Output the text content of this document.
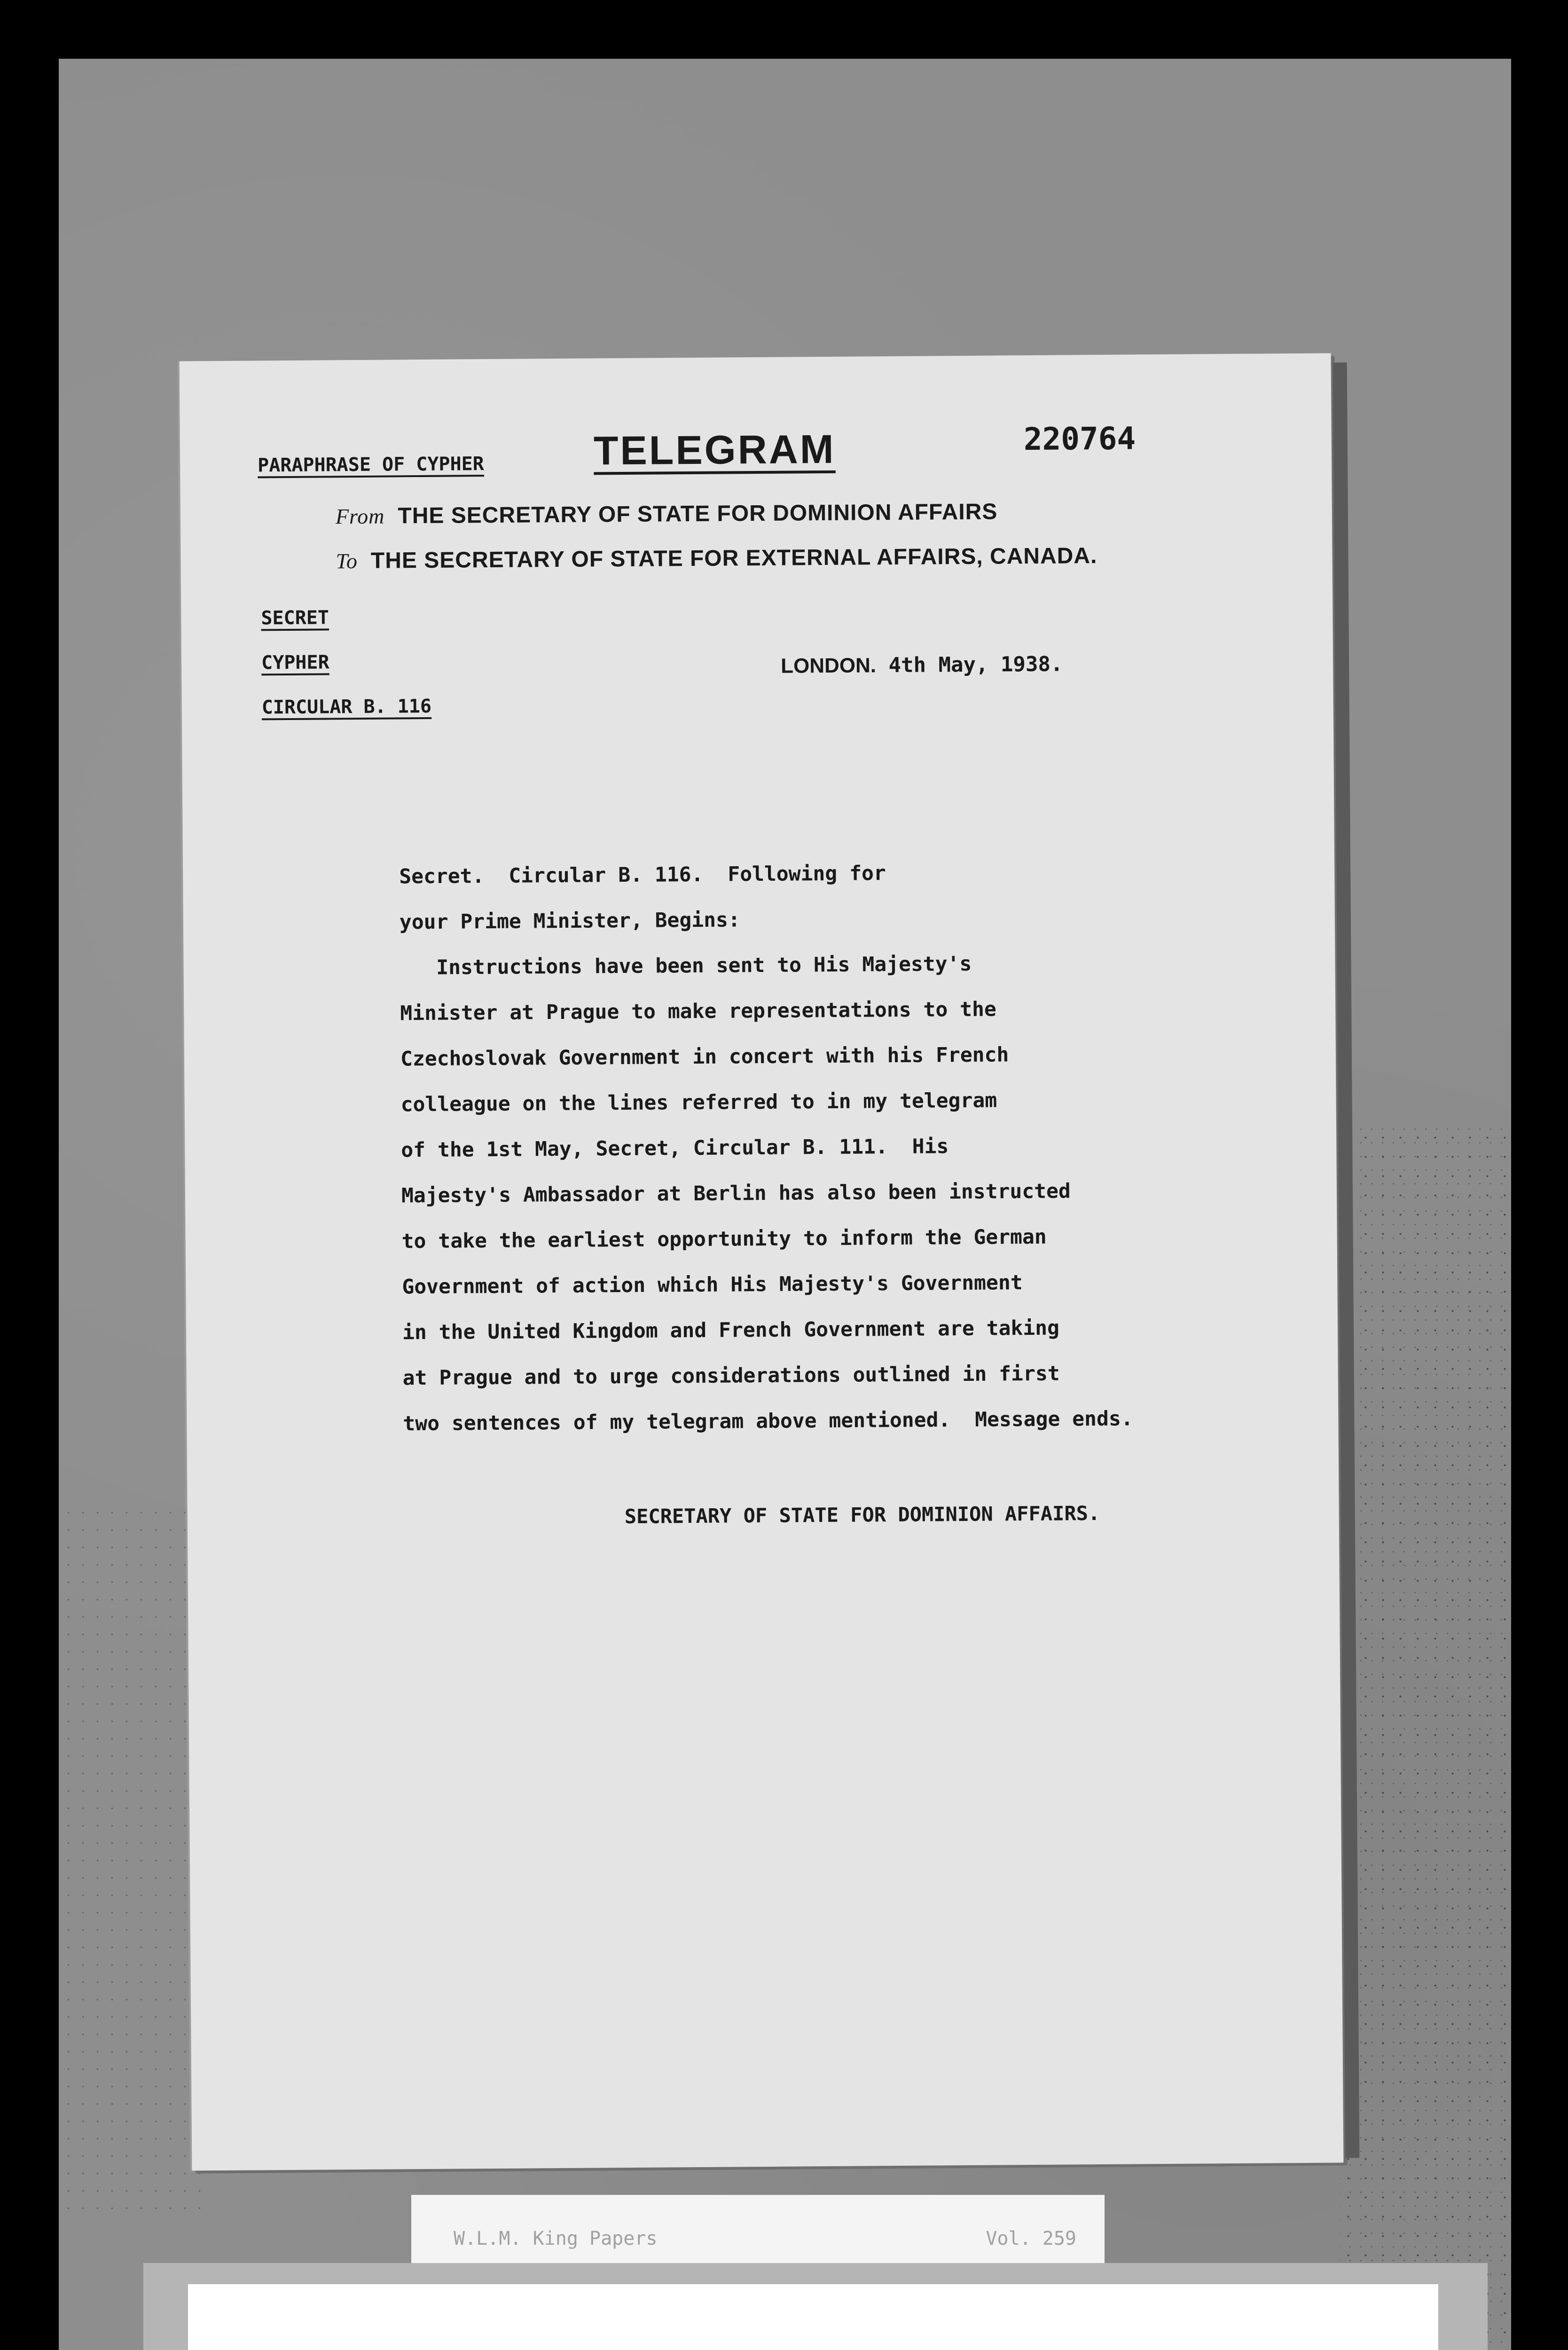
PARAPHRASE OF CYPHER	TELEGRAM	220764
From THE SECRETARY OF STATE FOR DOMINION AFFAIRS
To THE SECRETARY OF STATE FOR EXTERNAL AFFAIRS, CANADA.
SECRET
CYPHER
CIRCULAR B. 116
LONDON. 4th May, 1938.
Secret.  Circular B. 116.  Following for
your Prime Minister, Begins:
Instructions have been sent to His Majesty's
Minister at Prague to make representations to the
Czechoslovak Government in concert with his French
colleague on the lines referred to in my telegram
of the 1st May, Secret, Circular B. 111.  His
Majesty's Ambassador at Berlin has also been instructed
to take the earliest opportunity to inform the German
Government of action which His Majesty's Government
in the United Kingdom and French Government are taking
at Prague and to urge considerations outlined in first
two sentences of my telegram above mentioned.  Message ends.
SECRETARY OF STATE FOR DOMINION AFFAIRS.
W.L.M. King Papers	Vol. 259
